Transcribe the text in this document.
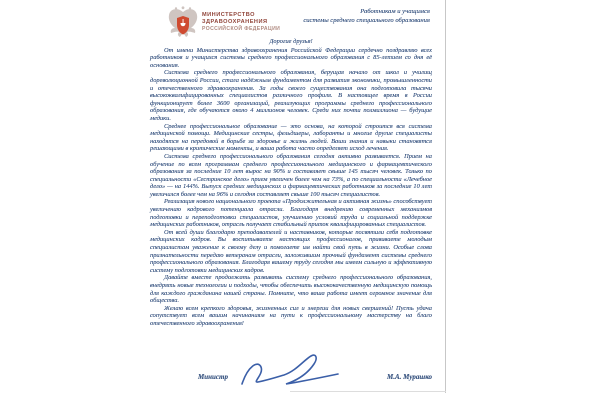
МИНИСТЕРСТВО
ЗДРАВООХРАНЕНИЯ
РОССИЙСКОЙ ФЕДЕРАЦИИ
Работникам и учащимся
системы среднего специального образования
Дорогие друзья!

От имени Министерства здравоохранения Российской Федерации сердечно поздравляю всех работников и учащихся системы среднего профессионального образования с 85-летием со дня её основания.

Система среднего профессионального образования, берущая начало от школ и училищ дореволюционной России, стала надёжным фундаментом для развития экономики, промышленности и отечественного здравоохранения. За годы своего существования она подготовила тысячи высококвалифицированных специалистов различного профиля. В настоящее время в России функционирует более 3600 организаций, реализующих программы среднего профессионального образования, где обучаются около 4 миллионов человек. Среди них почти полмиллиона — будущие медики.

Среднее профессиональное образование — это основа, на которой строится вся система медицинской помощи. Медицинские сестры, фельдшеры, лаборанты и многие другие специалисты находятся на передовой в борьбе за здоровье и жизнь людей. Ваши знания и навыки становятся решающими в критические моменты, и ваша работа часто определяет исход лечения.

Система среднего профессионального образования сегодня активно развивается. Прием на обучение по всем программам среднего профессионального медицинского и фармацевтического образования за последние 10 лет вырос на 90% и составляет свыше 145 тысяч человек. Только по специальности «Сестринское дело» прием увеличен более чем на 73%, а по специальности «Лечебное дело» — на 144%. Выпуск средних медицинских и фармацевтических работников за последние 10 лет увеличился более чем на 96% и сегодня составляет свыше 100 тысяч специалистов.

Реализация нового национального проекта «Продолжительная и активная жизнь» способствует увеличению кадрового потенциала отрасли. Благодаря внедрению современных механизмов подготовки и переподготовки специалистов, улучшению условий труда и социальной поддержке медицинских работников, отрасль получает стабильный приток квалифицированных специалистов.

От всей души благодарю преподавателей и наставников, которые посвятили себя подготовке медицинских кадров. Вы воспитываете настоящих профессионалов, прививаете молодым специалистам уважение к своему делу и помогаете им найти свой путь в жизни. Особые слова признательности передаю ветеранам отрасли, заложившим прочный фундамент системы среднего профессионального образования. Благодаря вашему труду сегодня мы имеем сильную и эффективную систему подготовки медицинских кадров.

Давайте вместе продолжать развивать систему среднего профессионального образования, внедрять новые технологии и подходы, чтобы обеспечить высококачественную медицинскую помощь для каждого гражданина нашей страны. Помните, что ваша работа имеет огромное значение для общества.

Желаю всем крепкого здоровья, жизненных сил и энергии для новых свершений! Пусть удача сопутствует всем вашим начинаниям на пути к профессиональному мастерству на благо отечественного здравоохранения!

Министр	М.А. Мурашко
